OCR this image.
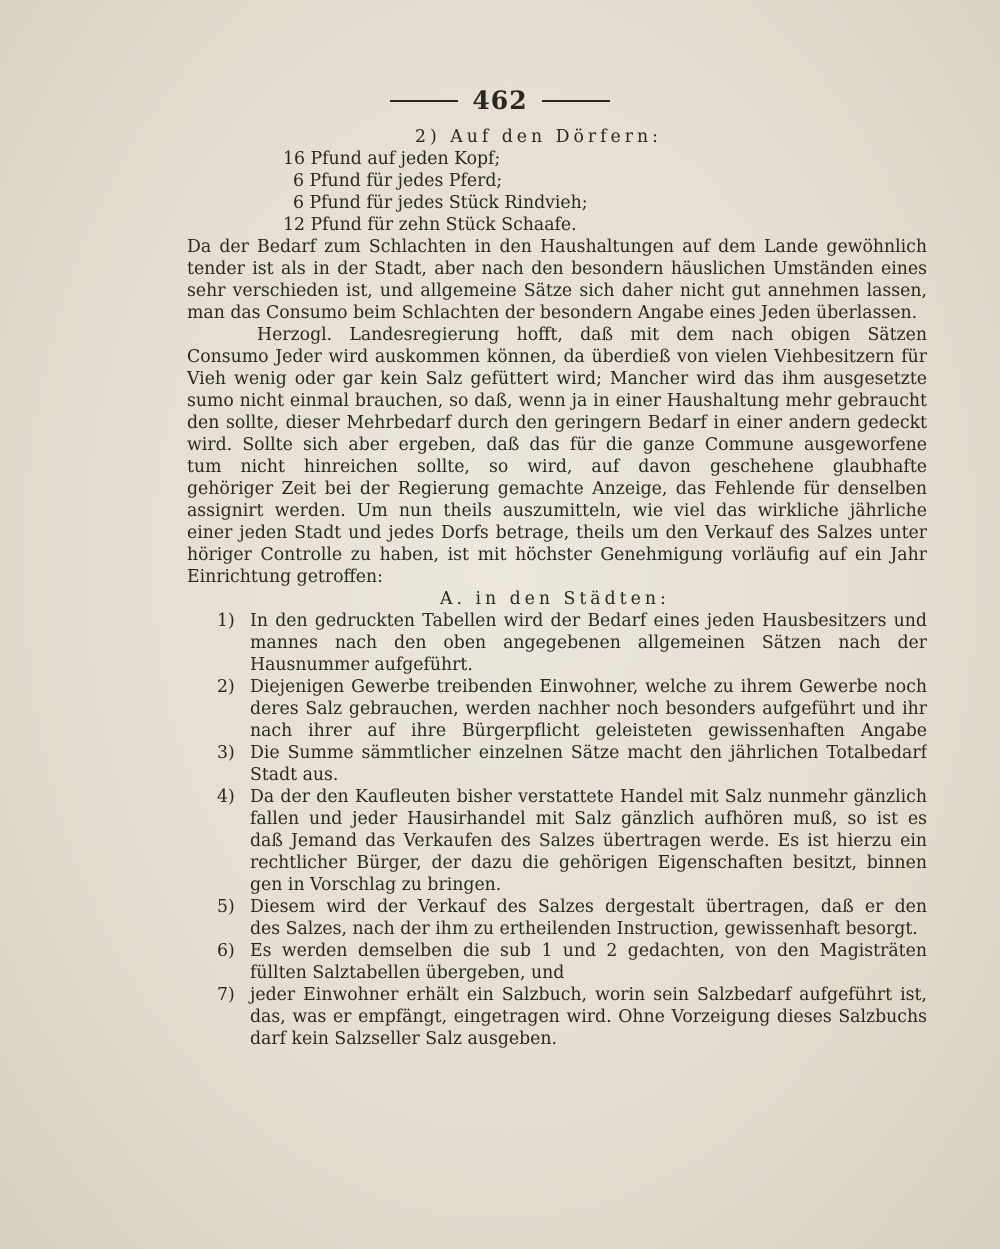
462
2) Auf den Dörfern:
16 Pfund auf jeden Kopf;
6 Pfund für jedes Pferd;
6 Pfund für jedes Stück Rindvieh;
12 Pfund für zehn Stück Schaafe.
Da der Bedarf zum Schlachten in den Haushaltungen auf dem Lande gewöhnlich
tender ist als in der Stadt, aber nach den besondern häuslichen Umständen eines
sehr verschieden ist, und allgemeine Sätze sich daher nicht gut annehmen lassen,
man das Consumo beim Schlachten der besondern Angabe eines Jeden überlassen.
Herzogl. Landesregierung hofft, daß mit dem nach obigen Sätzen
Consumo Jeder wird auskommen können, da überdieß von vielen Viehbesitzern für
Vieh wenig oder gar kein Salz gefüttert wird; Mancher wird das ihm ausgesetzte
sumo nicht einmal brauchen, so daß, wenn ja in einer Haushaltung mehr gebraucht
den sollte, dieser Mehrbedarf durch den geringern Bedarf in einer andern gedeckt
wird. Sollte sich aber ergeben, daß das für die ganze Commune ausgeworfene
tum nicht hinreichen sollte, so wird, auf davon geschehene glaubhafte
gehöriger Zeit bei der Regierung gemachte Anzeige, das Fehlende für denselben
assignirt werden. Um nun theils auszumitteln, wie viel das wirkliche jährliche
einer jeden Stadt und jedes Dorfs betrage, theils um den Verkauf des Salzes unter
höriger Controlle zu haben, ist mit höchster Genehmigung vorläufig auf ein Jahr
Einrichtung getroffen:
A. in den Städten:
1) In den gedruckten Tabellen wird der Bedarf eines jeden Hausbesitzers und
mannes nach den oben angegebenen allgemeinen Sätzen nach der
Hausnummer aufgeführt.
2) Diejenigen Gewerbe treibenden Einwohner, welche zu ihrem Gewerbe noch
deres Salz gebrauchen, werden nachher noch besonders aufgeführt und ihr
nach ihrer auf ihre Bürgerpflicht geleisteten gewissenhaften Angabe
3) Die Summe sämmtlicher einzelnen Sätze macht den jährlichen Totalbedarf
Stadt aus.
4) Da der den Kaufleuten bisher verstattete Handel mit Salz nunmehr gänzlich
fallen und jeder Hausirhandel mit Salz gänzlich aufhören muß, so ist es
daß Jemand das Verkaufen des Salzes übertragen werde. Es ist hierzu ein
rechtlicher Bürger, der dazu die gehörigen Eigenschaften besitzt, binnen
gen in Vorschlag zu bringen.
5) Diesem wird der Verkauf des Salzes dergestalt übertragen, daß er den
des Salzes, nach der ihm zu ertheilenden Instruction, gewissenhaft besorgt.
6) Es werden demselben die sub 1 und 2 gedachten, von den Magisträten
füllten Salztabellen übergeben, und
7) jeder Einwohner erhält ein Salzbuch, worin sein Salzbedarf aufgeführt ist,
das, was er empfängt, eingetragen wird. Ohne Vorzeigung dieses Salzbuchs
darf kein Salzseller Salz ausgeben.
